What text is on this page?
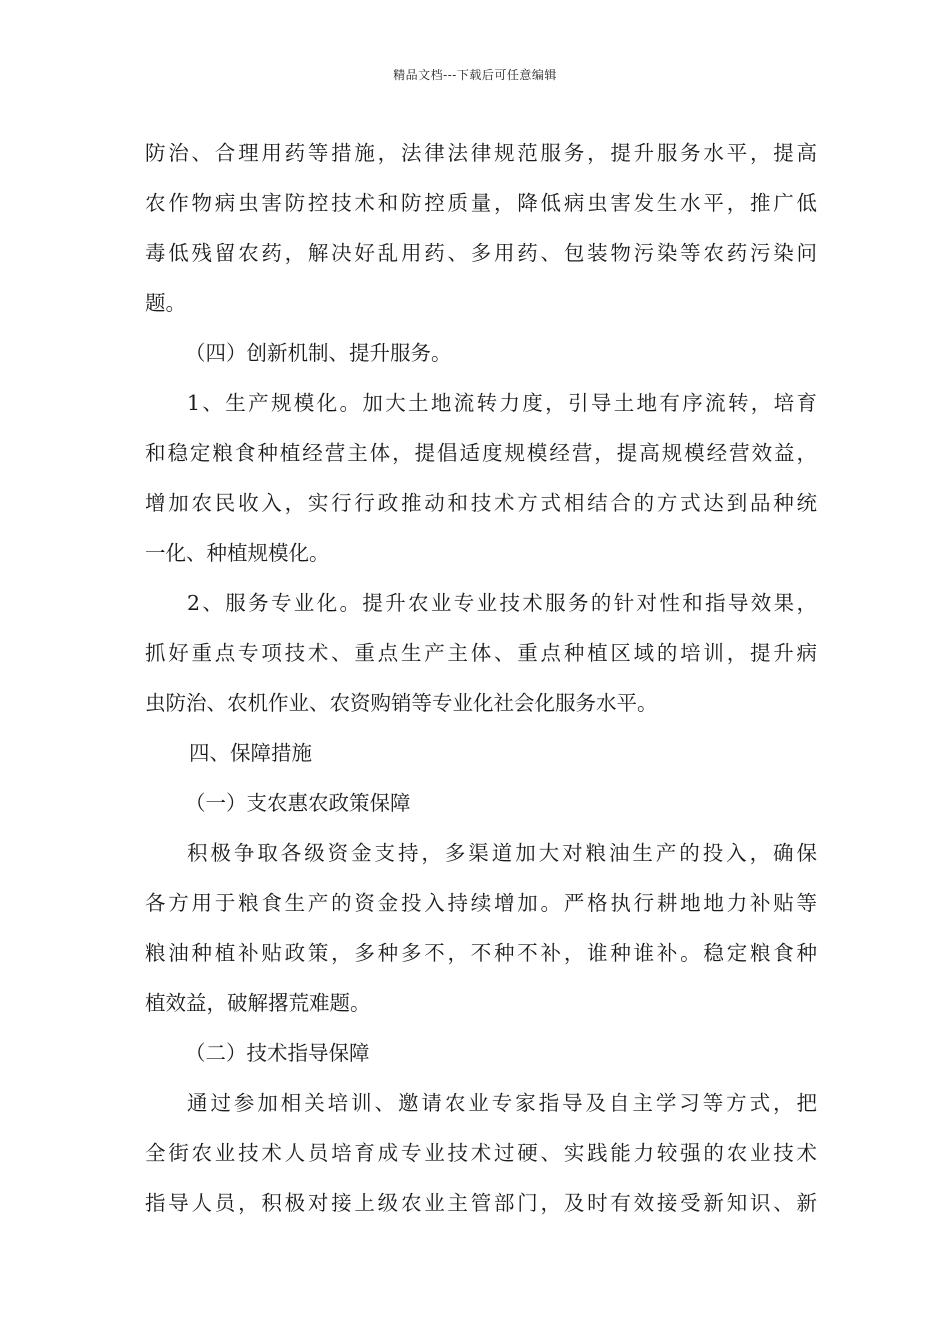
精品文档---下载后可任意编辑
防治、合理用药等措施，法律法律规范服务，提升服务水平，提高
农作物病虫害防控技术和防控质量，降低病虫害发生水平，推广低
毒低残留农药，解决好乱用药、多用药、包装物污染等农药污染问
题。
（四）创新机制、提升服务。
1、生产规模化。加大土地流转力度，引导土地有序流转，培育
和稳定粮食种植经营主体，提倡适度规模经营，提高规模经营效益，
增加农民收入，实行行政推动和技术方式相结合的方式达到品种统
一化、种植规模化。
2、服务专业化。提升农业专业技术服务的针对性和指导效果，
抓好重点专项技术、重点生产主体、重点种植区域的培训，提升病
虫防治、农机作业、农资购销等专业化社会化服务水平。
四、保障措施
（一）支农惠农政策保障
积极争取各级资金支持，多渠道加大对粮油生产的投入，确保
各方用于粮食生产的资金投入持续增加。严格执行耕地地力补贴等
粮油种植补贴政策，多种多不，不种不补，谁种谁补。稳定粮食种
植效益，破解撂荒难题。
（二）技术指导保障
通过参加相关培训、邀请农业专家指导及自主学习等方式，把
全街农业技术人员培育成专业技术过硬、实践能力较强的农业技术
指导人员，积极对接上级农业主管部门，及时有效接受新知识、新
